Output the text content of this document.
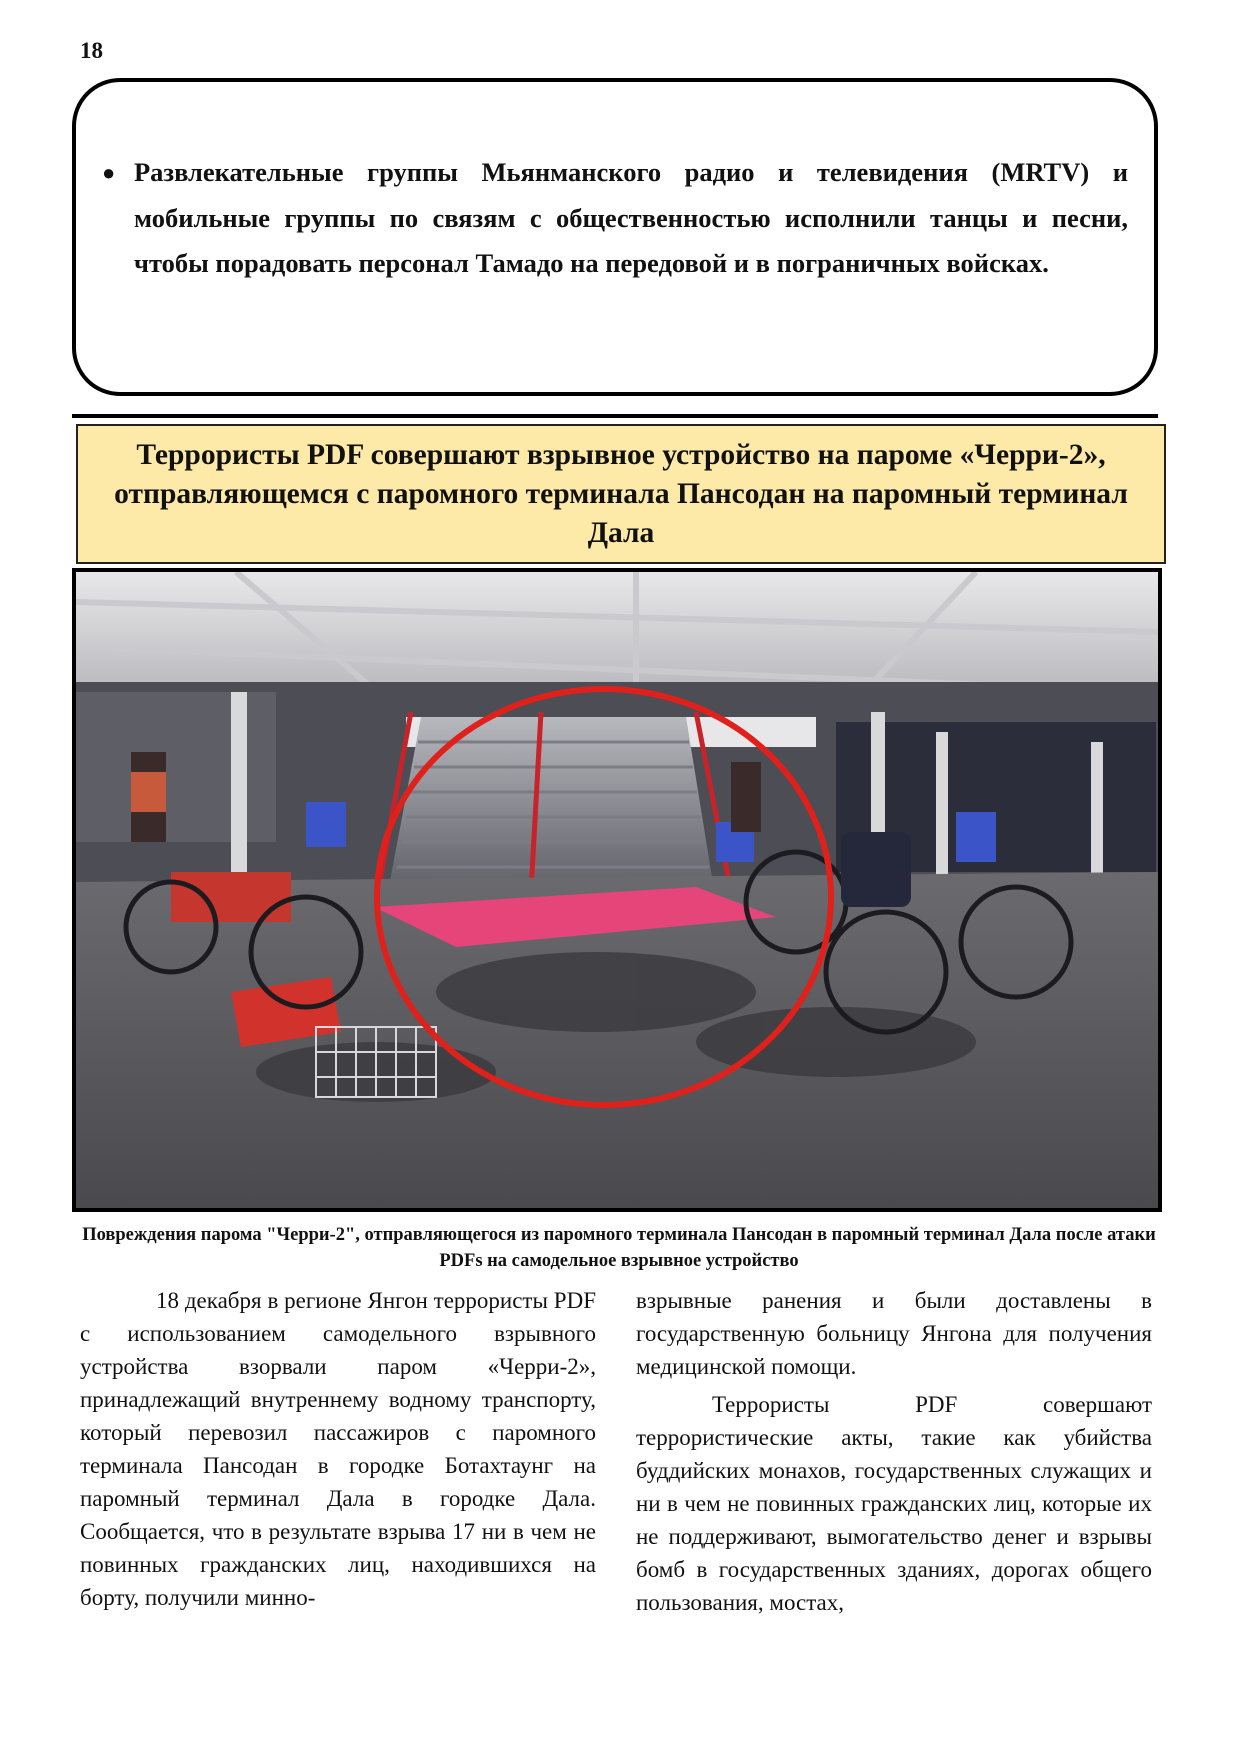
18
● Развлекательные группы Мьянманского радио и телевидения (MRTV) и мобильные группы по связям с общественностью исполнили танцы и песни, чтобы порадовать персонал Тамадо на передовой и в пограничных войсках.
Террористы PDF совершают взрывное устройство на пароме «Черри-2», отправляющемся с паромного терминала Пансодан на паромный терминал Дала
Повреждения парома "Черри-2", отправляющегося из паромного терминала Пансодан в паромный терминал Дала после атаки PDFs на самодельное взрывное устройство

18 декабря в регионе Янгон террористы PDF с использованием самодельного взрывного устройства взорвали паром «Черри-2», принадлежащий внутреннему водному транспорту, который перевозил пассажиров с паромного терминала Пансодан в городке Ботахтаунг на паромный терминал Дала в городке Дала. Сообщается, что в результате взрыва 17 ни в чем не повинных гражданских лиц, находившихся на борту, получили минно-

взрывные ранения и были доставлены в государственную больницу Янгона для получения медицинской помощи.

Террористы PDF совершают террористические акты, такие как убийства буддийских монахов, государственных служащих и ни в чем не повинных гражданских лиц, которые их не поддерживают, вымогательство денег и взрывы бомб в государственных зданиях, дорогах общего пользования, мостах,
